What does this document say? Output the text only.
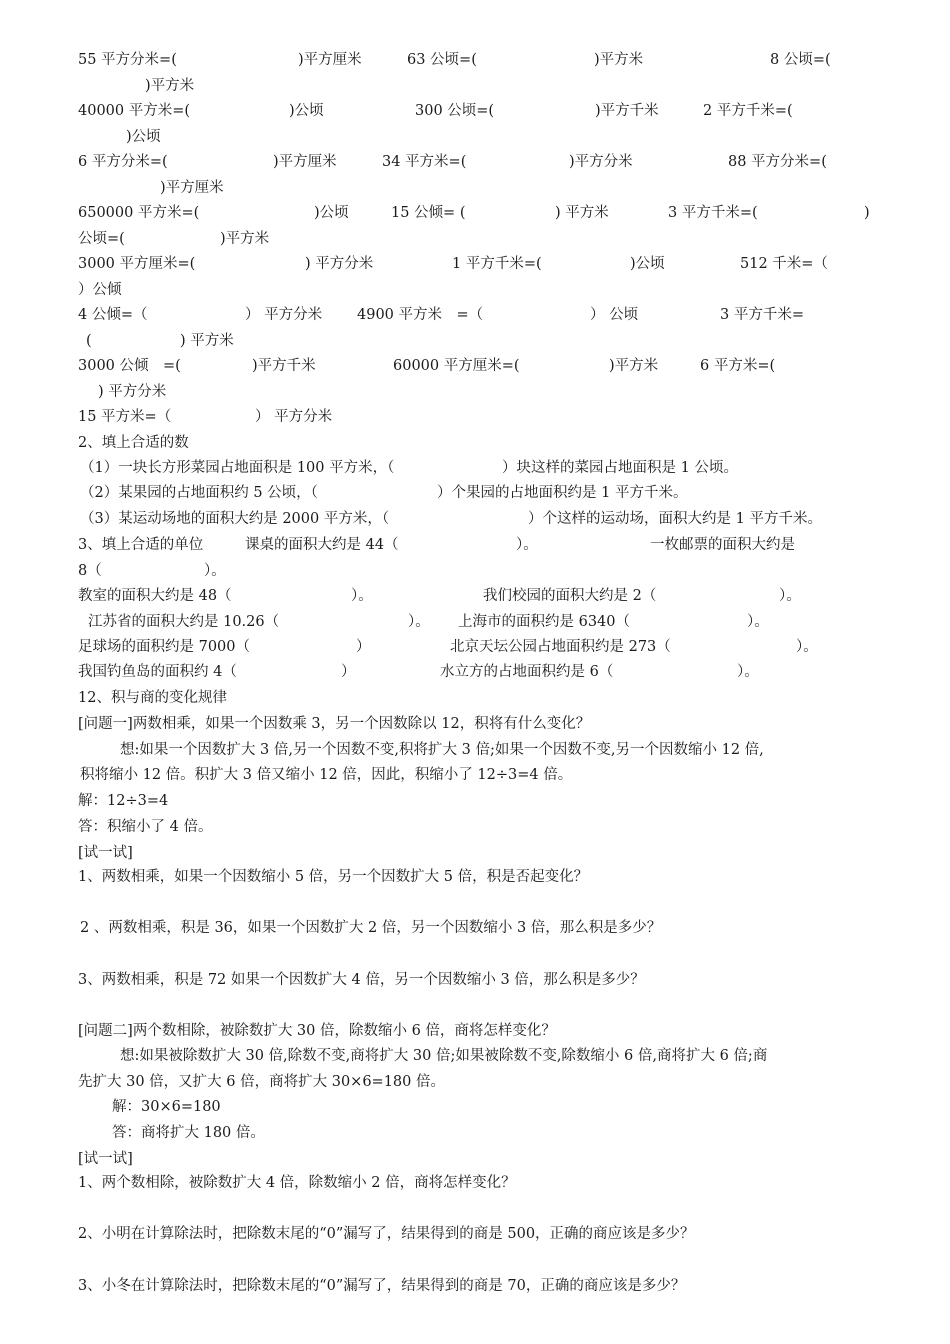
55 平方分米=(	)平方厘米	63 公顷=(	)平方米	8 公顷=(
)平方米
40000 平方米=(	)公顷	300 公顷=(	)平方千米	2 平方千米=(
)公顷
6 平方分米=(	)平方厘米	34 平方米=(	)平方分米	88 平方分米=(
)平方厘米
650000 平方米=(	)公顷	15 公倾= (	) 平方米	3 平方千米=(	)
公顷=(	)平方米
3000 平方厘米=(	) 平方分米	1 平方千米=(	)公顷	512 千米=（
）公倾
4 公倾=（	） 平方分米 4900 平方米　=（	） 公顷	3 平方千米=
(	) 平方米
3000 公倾　=(	)平方千米	60000 平方厘米=(	)平方米	6 平方米=(
) 平方分米
15 平方米=（	） 平方分米
2、填上合适的数
（1）一块长方形菜园占地面积是 100 平方米，（	）块这样的菜园占地面积是 1 公顷。
（2）某果园的占地面积约 5 公顷，（	）个果园的占地面积约是 1 平方千米。
（3）某运动场地的面积大约是 2000 平方米，（	）个这样的运动场，面积大约是 1 平方千米。
3、填上合适的单位	课桌的面积大约是 44（	）。	一枚邮票的面积大约是
8（	）。
教室的面积大约是 48（	）。	我们校园的面积大约是 2（	）。
江苏省的面积大约是 10.26（	）。 上海市的面积约是 6340（	）。
足球场的面积约是 7000（	）	北京天坛公园占地面积约是 273（	）。
我国钓鱼岛的面积约 4（	）	水立方的占地面积约是 6（	）。
12、积与商的变化规律
[问题一]两数相乘，如果一个因数乘 3，另一个因数除以 12，积将有什么变化？
想:如果一个因数扩大 3 倍,另一个因数不变,积将扩大 3 倍;如果一个因数不变,另一个因数缩小 12 倍,
积将缩小 12 倍。积扩大 3 倍又缩小 12 倍，因此，积缩小了 12÷3=4 倍。
解：12÷3=4
答：积缩小了 4 倍。
[试一试]
1、两数相乘，如果一个因数缩小 5 倍，另一个因数扩大 5 倍，积是否起变化？
2 、两数相乘，积是 36，如果一个因数扩大 2 倍，另一个因数缩小 3 倍，那么积是多少？
3、两数相乘，积是 72 如果一个因数扩大 4 倍，另一个因数缩小 3 倍，那么积是多少？
[问题二]两个数相除，被除数扩大 30 倍，除数缩小 6 倍，商将怎样变化？
想:如果被除数扩大 30 倍,除数不变,商将扩大 30 倍;如果被除数不变,除数缩小 6 倍,商将扩大 6 倍;商
先扩大 30 倍，又扩大 6 倍，商将扩大 30×6=180 倍。
解：30×6=180
答：商将扩大 180 倍。
[试一试]
1、两个数相除，被除数扩大 4 倍，除数缩小 2 倍，商将怎样变化？
2、小明在计算除法时，把除数末尾的“0”漏写了，结果得到的商是 500，正确的商应该是多少？
3、小冬在计算除法时，把除数末尾的“0”漏写了，结果得到的商是 70，正确的商应该是多少？
